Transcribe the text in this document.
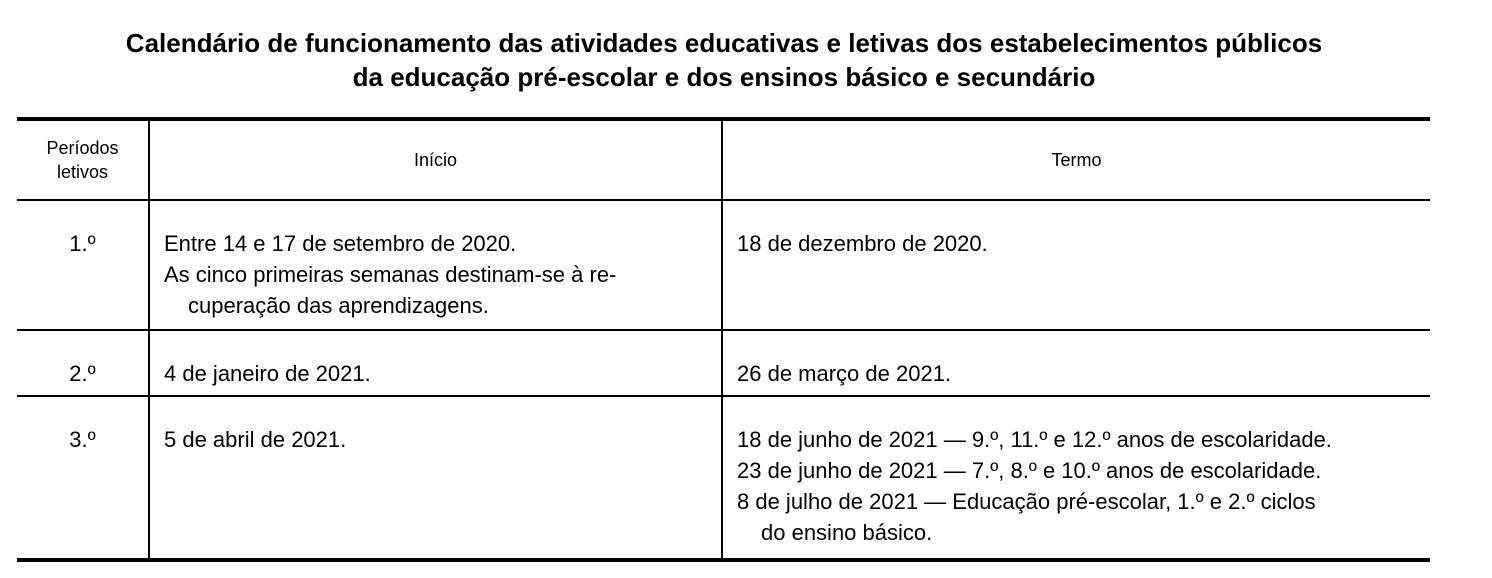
Calendário de funcionamento das atividades educativas e letivas dos estabelecimentos públicos
da educação pré-escolar e dos ensinos básico e secundário
Períodos
letivos	Início	Termo
1.º	Entre 14 e 17 de setembro de 2020.
As cinco primeiras semanas destinam-se à re-
cuperação das aprendizagens.	18 de dezembro de 2020.

2.º	4 de janeiro de 2021.	26 de março de 2021.

3.º	5 de abril de 2021.	18 de junho de 2021 — 9.º, 11.º e 12.º anos de escolaridade.
23 de junho de 2021 — 7.º, 8.º e 10.º anos de escolaridade.
8 de julho de 2021 — Educação pré-escolar, 1.º e 2.º ciclos
do ensino básico.
